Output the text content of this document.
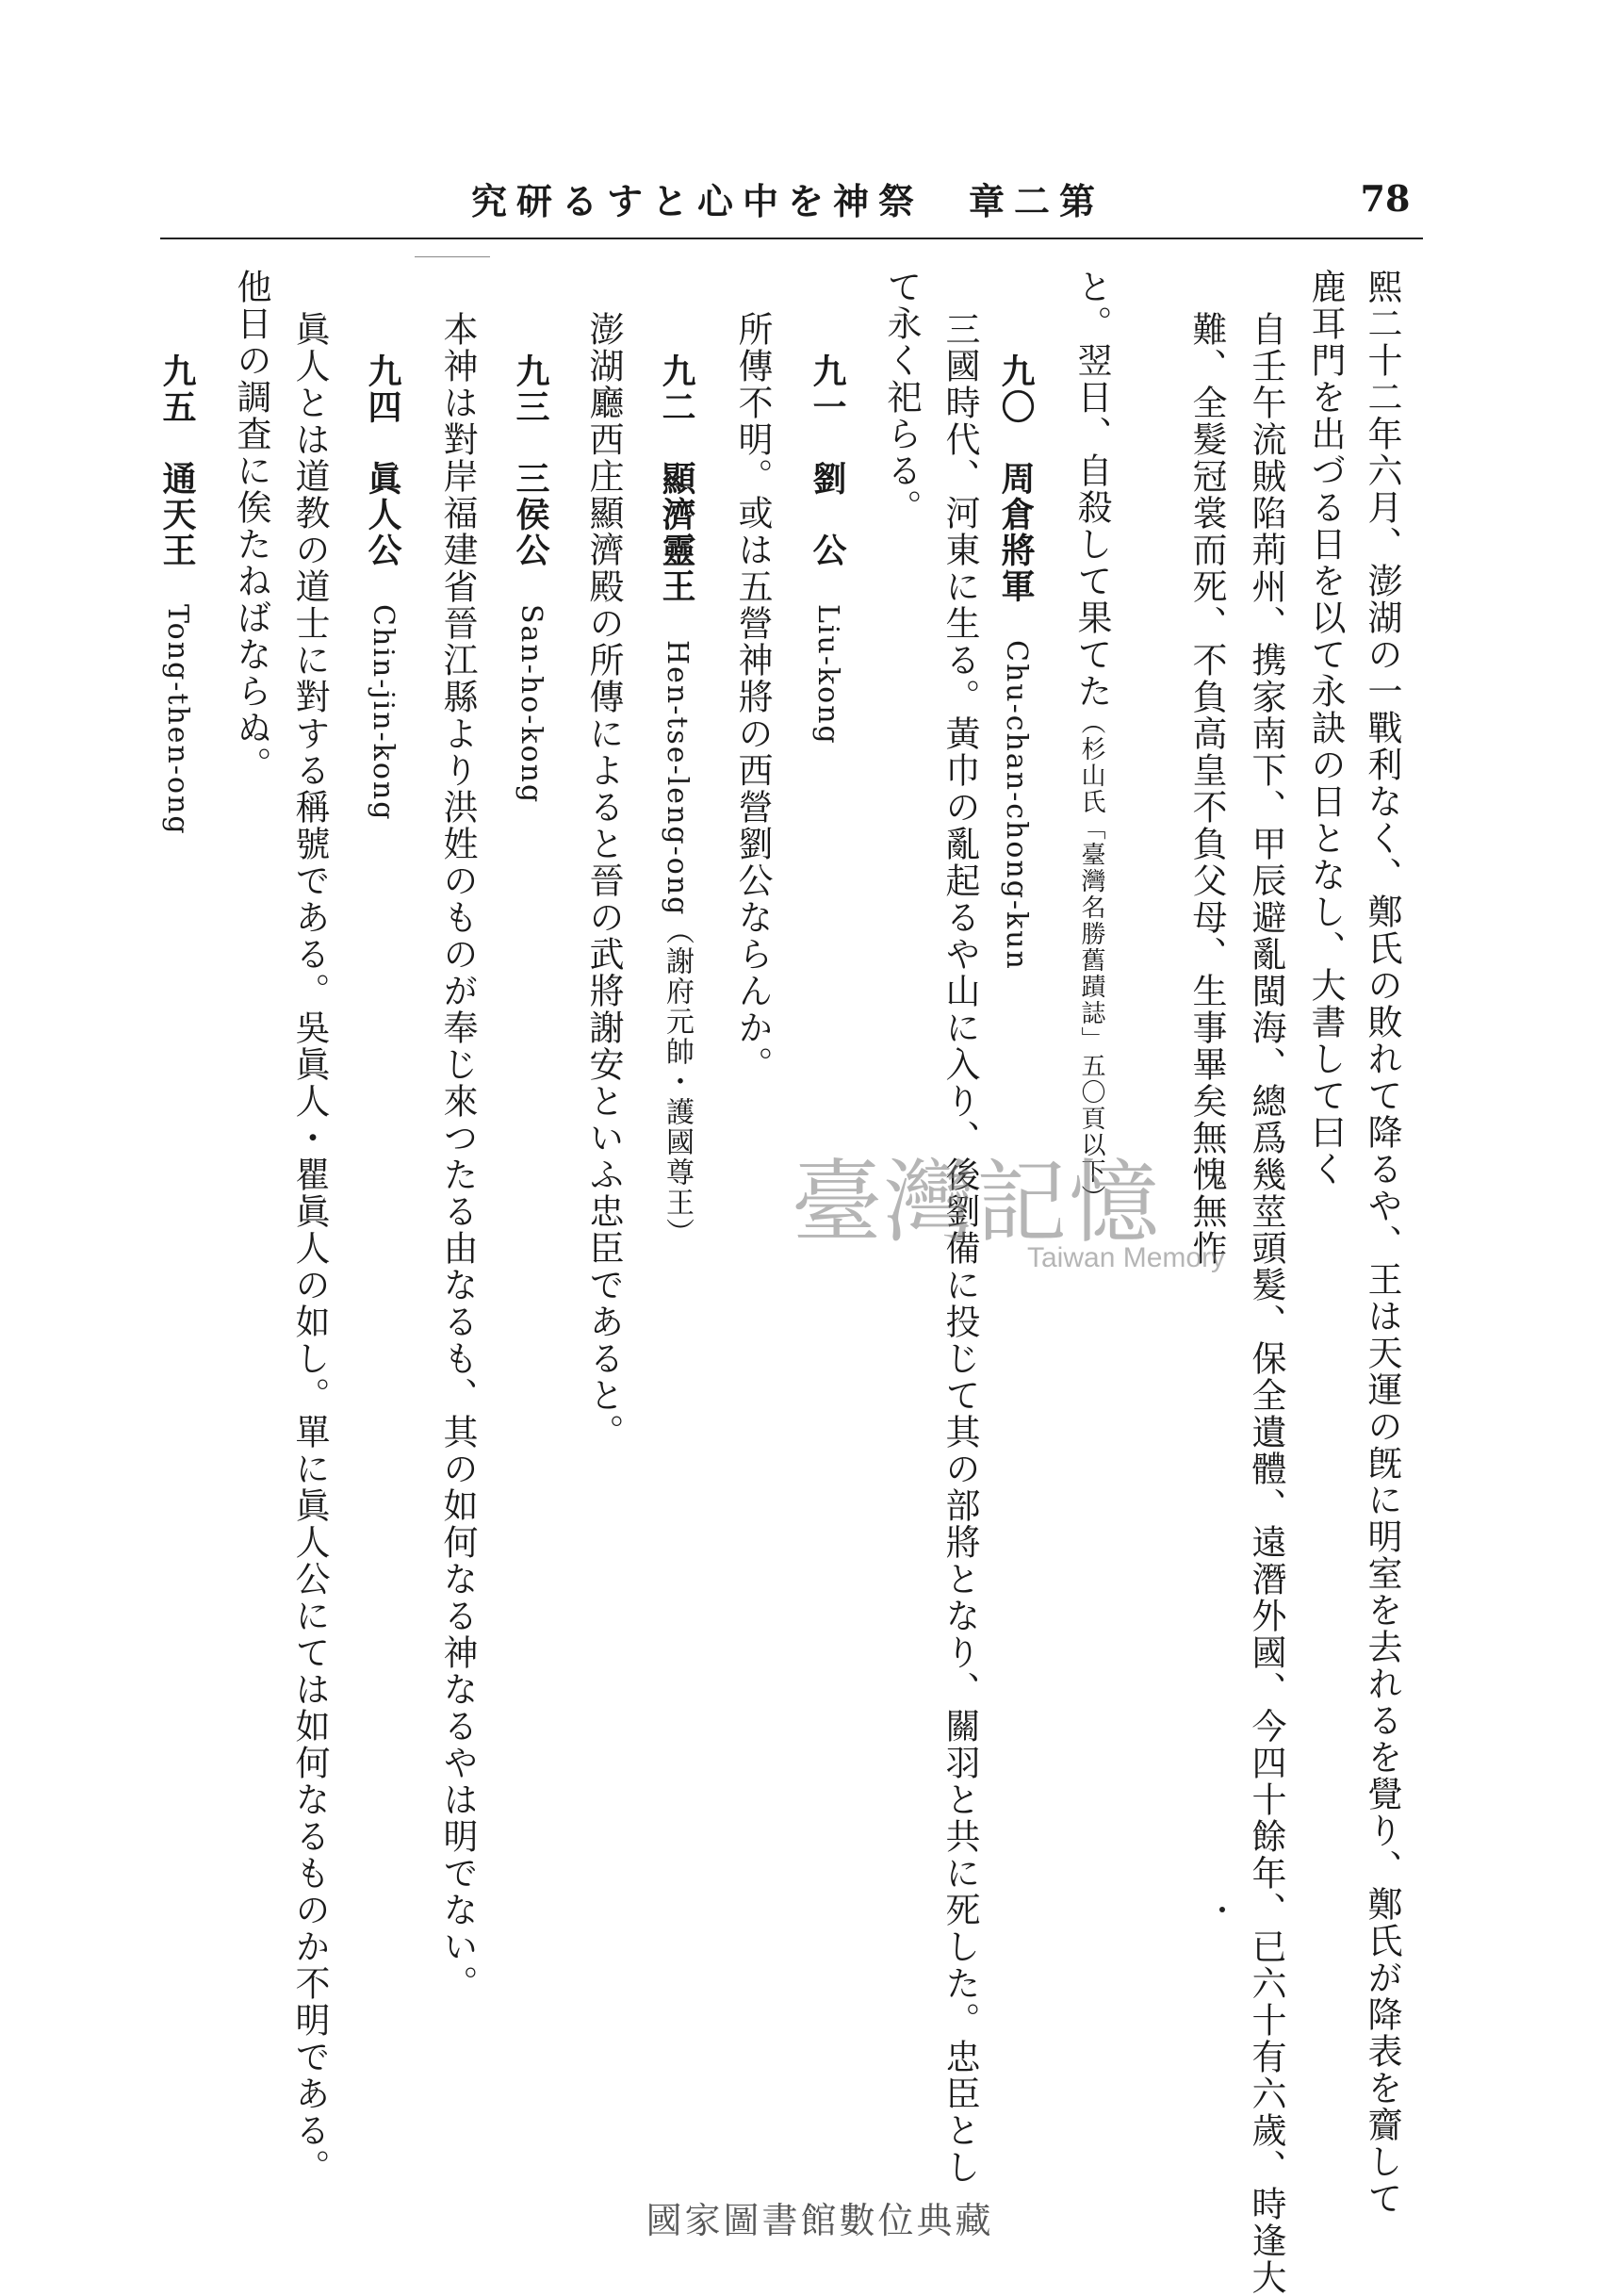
究研るすと心中を神祭　章二第	78
熙二十二年六月、澎湖の一戰利なく、鄭氏の敗れて降るや、王は天運の旣に明室を去れるを覺り、鄭氏が降表を齎して
鹿耳門を出づる日を以て永訣の日となし、大書して曰く
自壬午流賊陷荊州、携家南下、甲辰避亂閩海、總爲幾莖頭髮、保全遺體、遠潛外國、今四十餘年、已六十有六歲、時逢大
難、全髮冠裳而死、不負高皇不負父母、生事畢矣無愧無怍
と。翌日、自殺して果てた（杉山氏「臺灣名勝舊蹟誌」五〇頁以下）
九〇　周倉將軍　Chu-chan-chong-kun
三國時代、河東に生る。黃巾の亂起るや山に入り、後劉備に投じて其の部將となり、關羽と共に死した。忠臣とし
て永く祀らる。
九一　劉　公　Liu-kong
所傳不明。或は五營神將の西營劉公ならんか。
九二　顯濟靈王　Hen-tse-leng-ong（謝府元帥・護國尊王）
澎湖廳西庄顯濟殿の所傳によると晉の武將謝安といふ忠臣であると。
九三　三侯公　San-ho-kong
本神は對岸福建省晉江縣より洪姓のものが奉じ來つたる由なるも、其の如何なる神なるやは明でない。
九四　眞人公　Chin-jin-kong
眞人とは道教の道士に對する稱號である。吳眞人・瞿眞人の如し。單に眞人公にては如何なるものか不明である。
他日の調査に俟たねばならぬ。
九五　通天王　Tong-then-ong
臺灣記憶
Taiwan Memory
國家圖書館數位典藏
